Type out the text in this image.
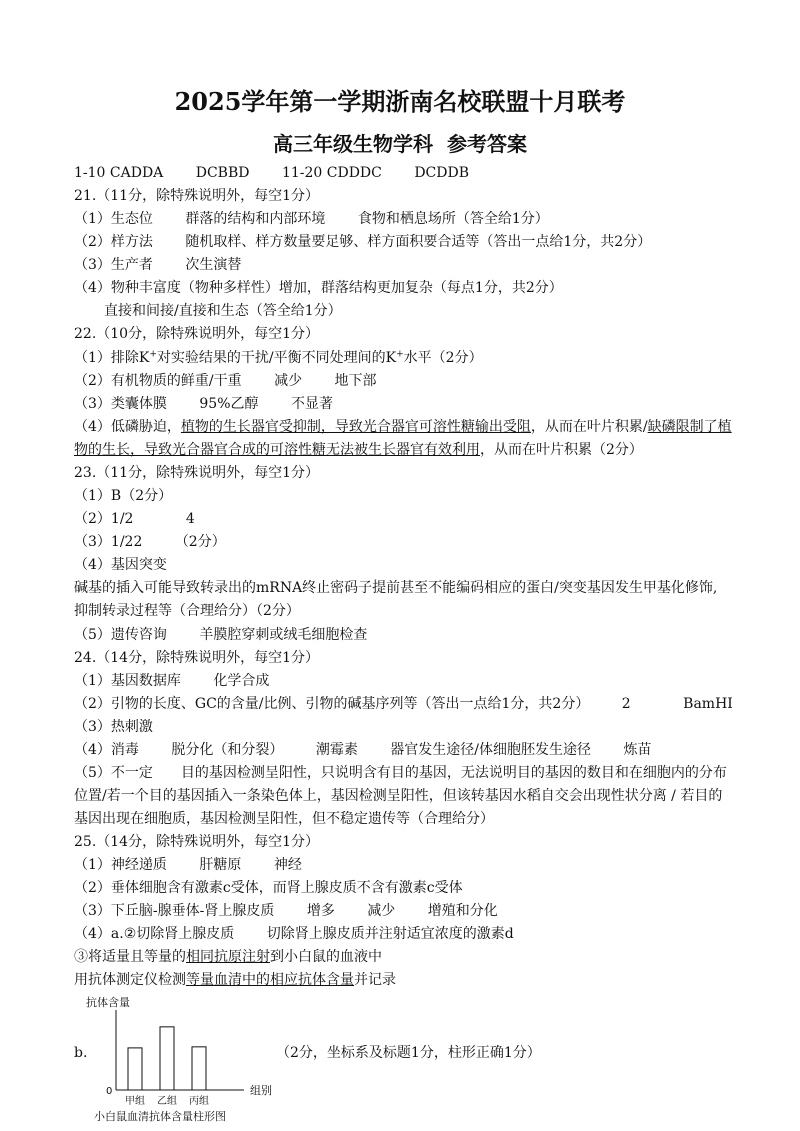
2025学年第一学期浙南名校联盟十月联考
高三年级生物学科 参考答案
1-10 CADDA DCBBD 11-20 CDDDC DCDDB
21.（11分，除特殊说明外，每空1分）
（1）生态位 群落的结构和内部环境 食物和栖息场所（答全给1分）
（2）样方法 随机取样、样方数量要足够、样方面积要合适等（答出一点给1分，共2分）
（3）生产者 次生演替
（4）物种丰富度（物种多样性）增加，群落结构更加复杂（每点1分，共2分）
直接和间接/直接和生态（答全给1分）
22.（10分，除特殊说明外，每空1分）
（1）排除K+对实验结果的干扰/平衡不同处理间的K+水平（2分）
（2）有机物质的鲜重/干重 减少 地下部
（3）类囊体膜 95%乙醇 不显著
（4）低磷胁迫，植物的生长器官受抑制，导致光合器官可溶性糖输出受阻，从而在叶片积累/缺磷限制了植
物的生长，导致光合器官合成的可溶性糖无法被生长器官有效利用，从而在叶片积累（2分）
23.（11分，除特殊说明外，每空1分）
（1）B（2分）
（2）1/2	4
（3）1/22 （2分）
（4）基因突变
碱基的插入可能导致转录出的mRNA终止密码子提前甚至不能编码相应的蛋白/突变基因发生甲基化修饰,
抑制转录过程等（合理给分）（2分）
（5）遗传咨询 羊膜腔穿刺或绒毛细胞检查
24.（14分，除特殊说明外，每空1分）
（1）基因数据库 化学合成
（2）引物的长度、GC的含量/比例、引物的碱基序列等（答出一点给1分，共2分） 2	BamHI
（3）热刺激
（4）消毒 脱分化（和分裂） 潮霉素 器官发生途径/体细胞胚发生途径 炼苗
（5）不一定　　目的基因检测呈阳性，只说明含有目的基因，无法说明目的基因的数目和在细胞内的分布
位置/若一个目的基因插入一条染色体上，基因检测呈阳性，但该转基因水稻自交会出现性状分离 / 若目的
基因出现在细胞质，基因检测呈阳性，但不稳定遗传等（合理给分）
25.（14分，除特殊说明外，每空1分）
（1）神经递质 肝糖原 神经
（2）垂体细胞含有激素c受体，而肾上腺皮质不含有激素c受体
（3）下丘脑-腺垂体-肾上腺皮质 增多 减少 增殖和分化
（4）a.②切除肾上腺皮质 切除肾上腺皮质并注射适宜浓度的激素d
③将适量且等量的相同抗原注射到小白鼠的血液中
用抗体测定仪检测等量血清中的相应抗体含量并记录
b.	（2分，坐标系及标题1分，柱形正确1分）
抗体含量
0	组别
甲组 乙组 丙组
小白鼠血清抗体含量柱形图
